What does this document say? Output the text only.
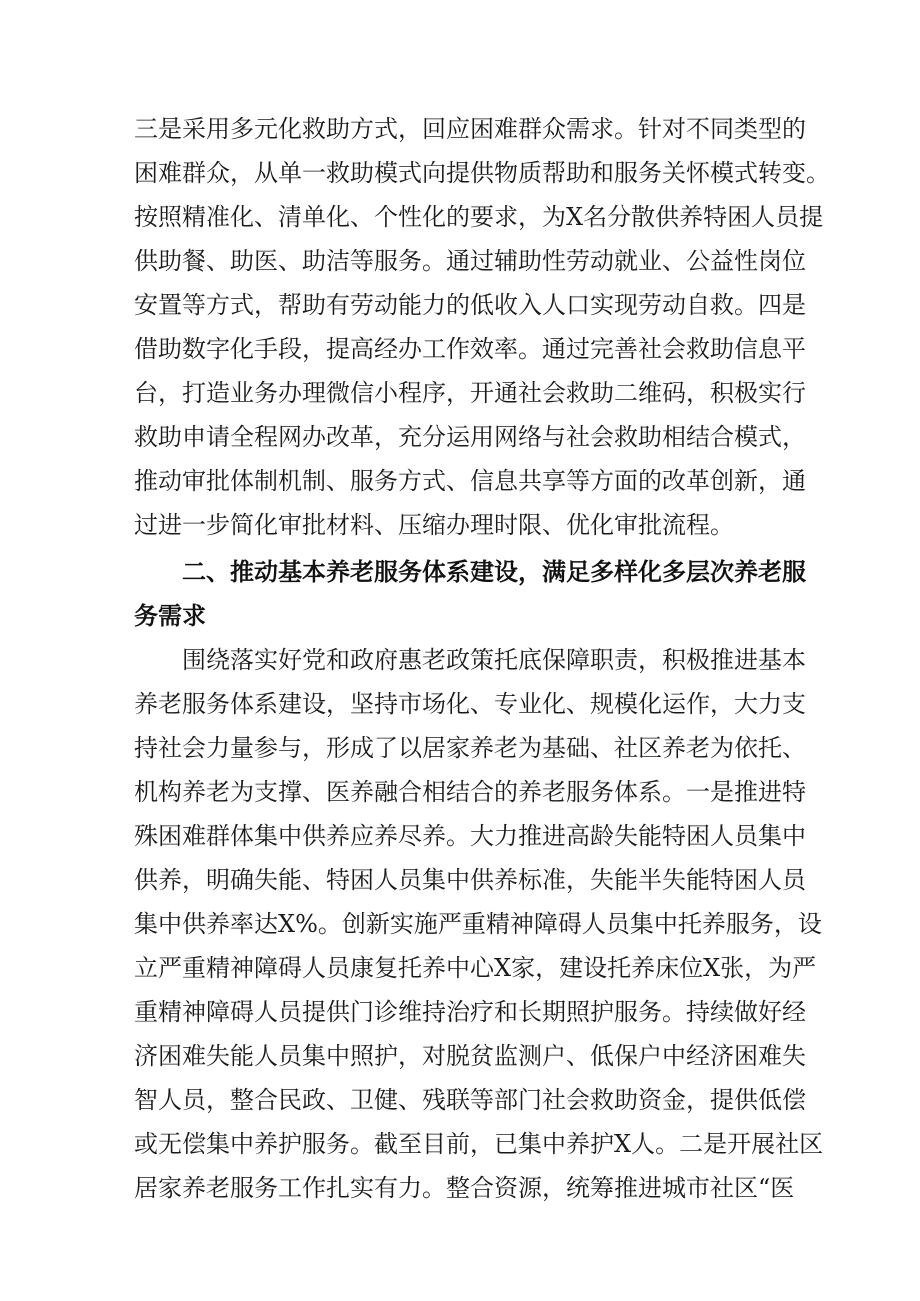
三是采用多元化救助方式，回应困难群众需求。针对不同类型的
困难群众，从单一救助模式向提供物质帮助和服务关怀模式转变。
按照精准化、清单化、个性化的要求，为X名分散供养特困人员提
供助餐、助医、助洁等服务。通过辅助性劳动就业、公益性岗位
安置等方式，帮助有劳动能力的低收入人口实现劳动自救。四是
借助数字化手段，提高经办工作效率。通过完善社会救助信息平
台，打造业务办理微信小程序，开通社会救助二维码，积极实行
救助申请全程网办改革，充分运用网络与社会救助相结合模式，
推动审批体制机制、服务方式、信息共享等方面的改革创新，通
过进一步简化审批材料、压缩办理时限、优化审批流程。
二、推动基本养老服务体系建设，满足多样化多层次养老服
务需求
围绕落实好党和政府惠老政策托底保障职责，积极推进基本
养老服务体系建设，坚持市场化、专业化、规模化运作，大力支
持社会力量参与，形成了以居家养老为基础、社区养老为依托、
机构养老为支撑、医养融合相结合的养老服务体系。一是推进特
殊困难群体集中供养应养尽养。大力推进高龄失能特困人员集中
供养，明确失能、特困人员集中供养标准，失能半失能特困人员
集中供养率达X%。创新实施严重精神障碍人员集中托养服务，设
立严重精神障碍人员康复托养中心X家，建设托养床位X张，为严
重精神障碍人员提供门诊维持治疗和长期照护服务。持续做好经
济困难失能人员集中照护，对脱贫监测户、低保户中经济困难失
智人员，整合民政、卫健、残联等部门社会救助资金，提供低偿
或无偿集中养护服务。截至目前，已集中养护X人。二是开展社区
居家养老服务工作扎实有力。整合资源，统筹推进城市社区“医
